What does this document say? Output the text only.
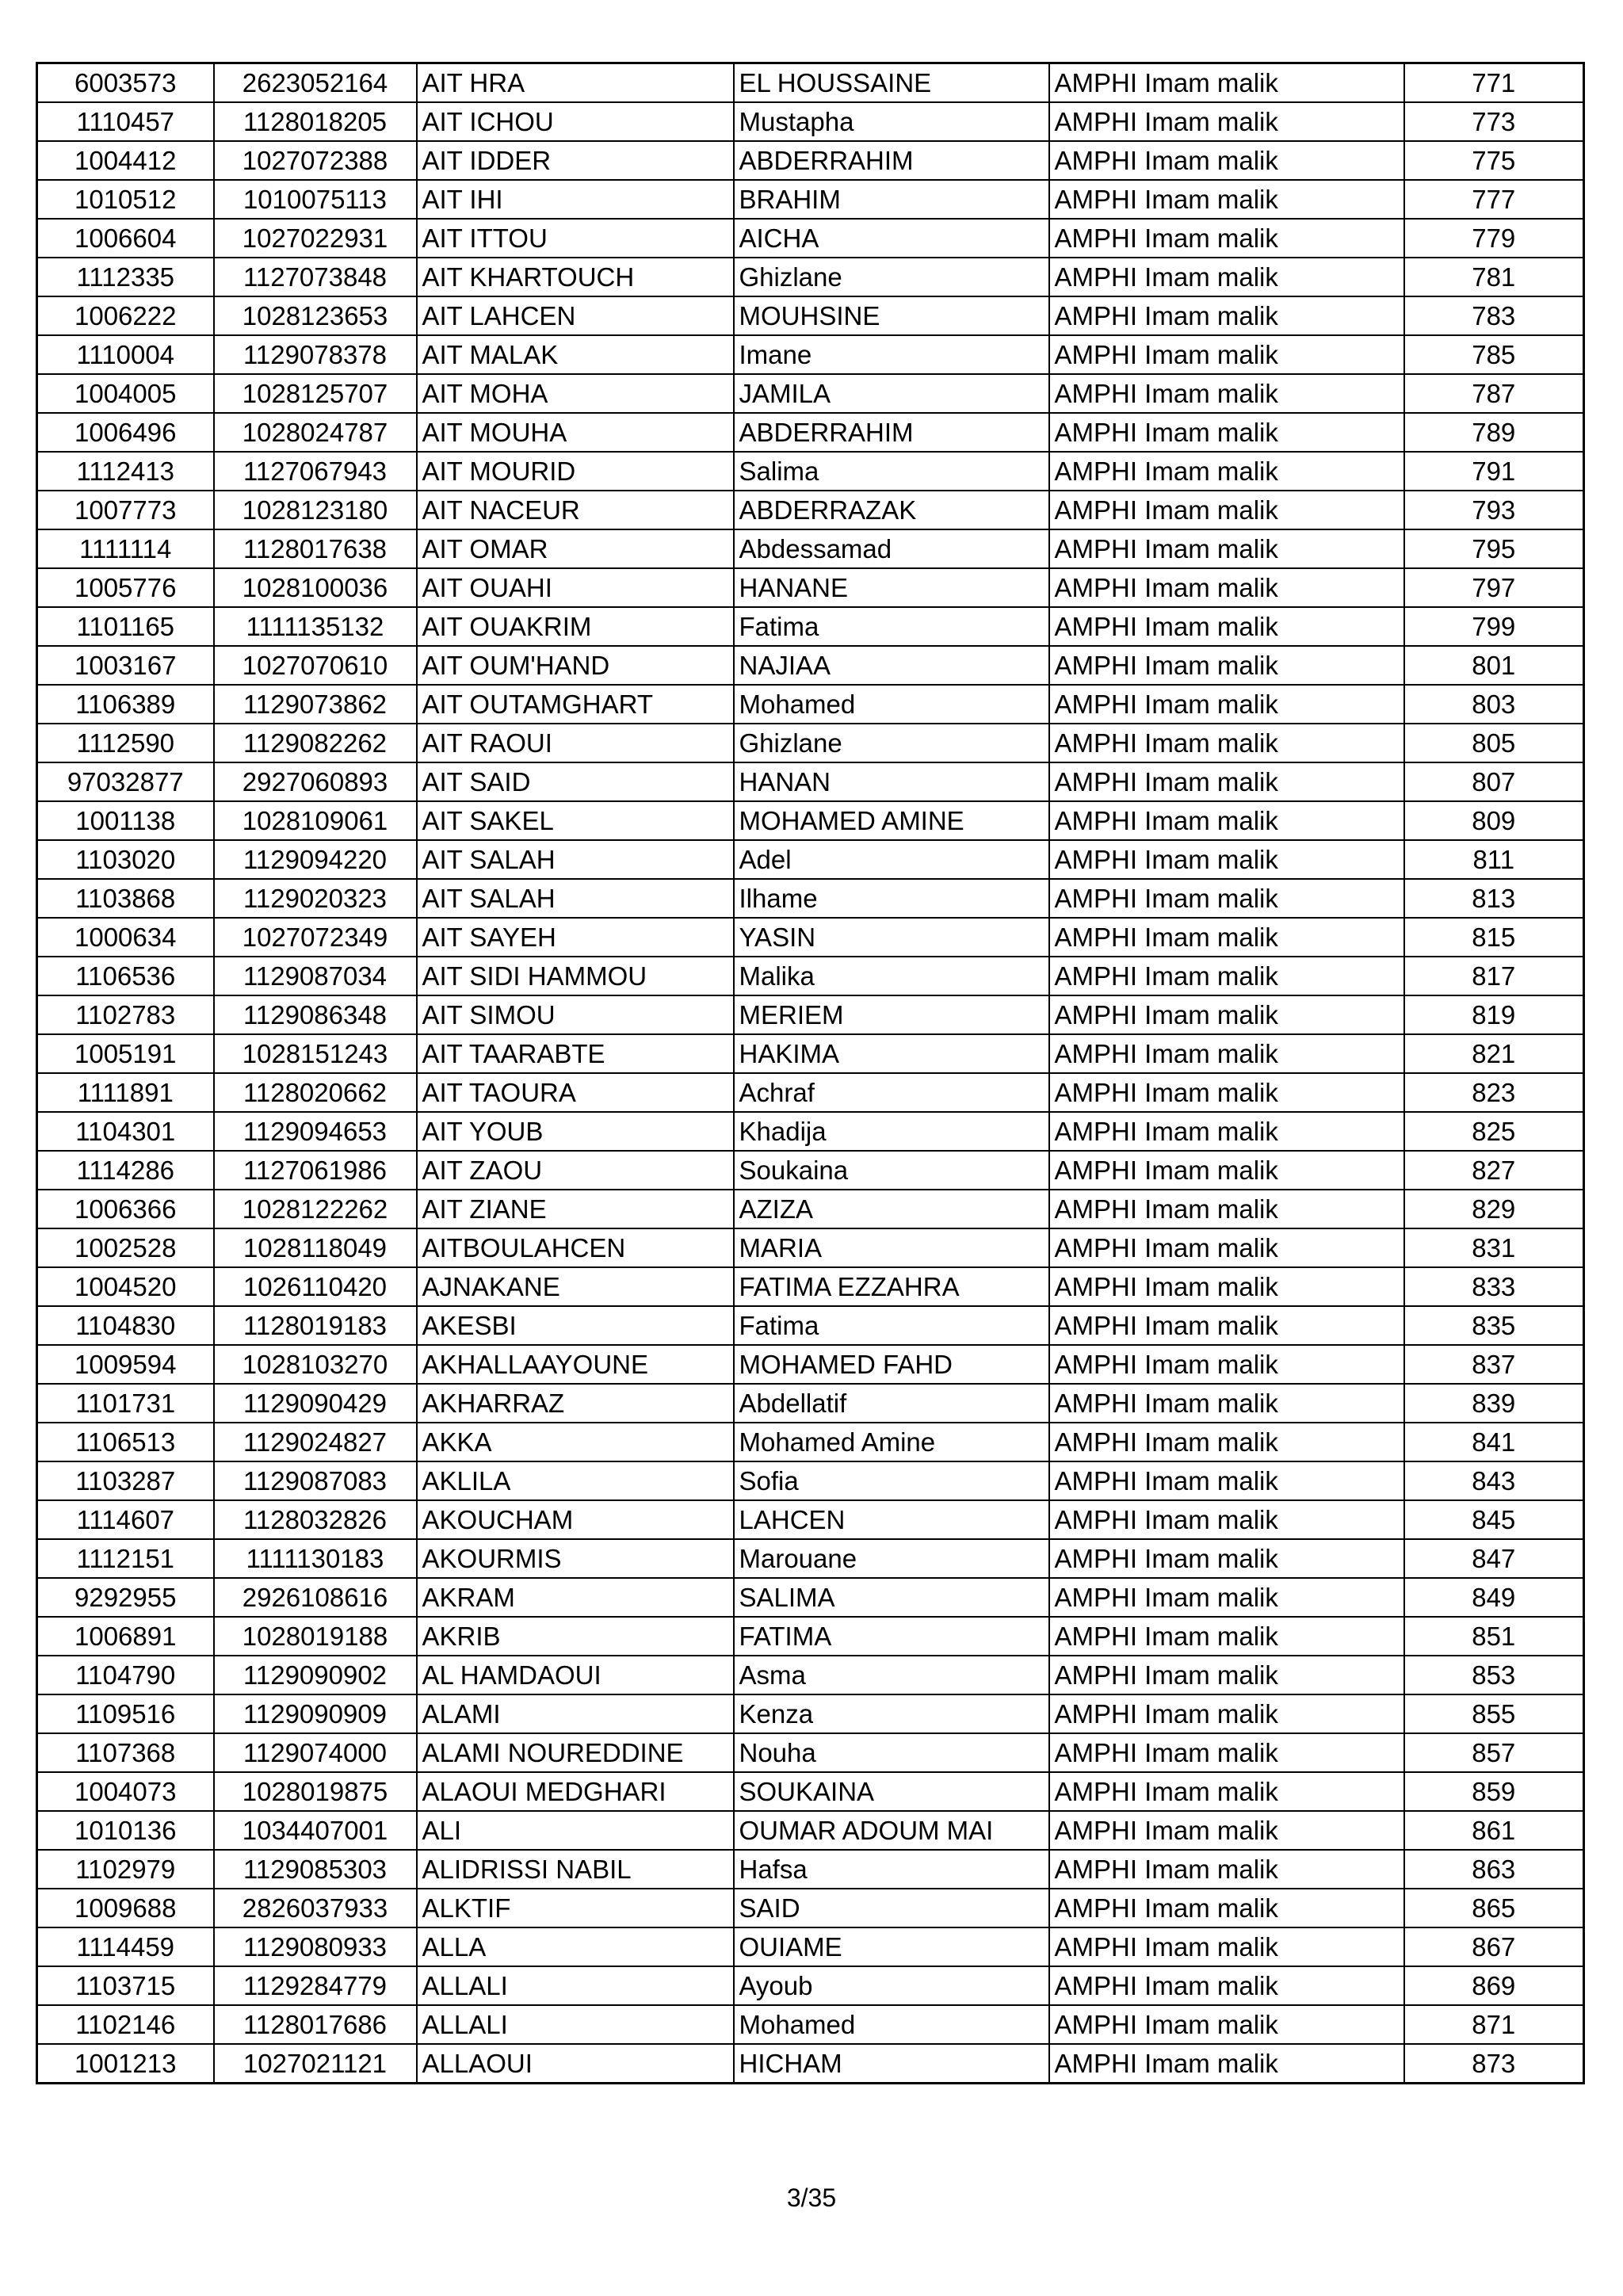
6003573	2623052164	AIT HRA	EL HOUSSAINE	AMPHI Imam malik	771
1110457	1128018205	AIT ICHOU	Mustapha	AMPHI Imam malik	773
1004412	1027072388	AIT IDDER	ABDERRAHIM	AMPHI Imam malik	775
1010512	1010075113	AIT IHI	BRAHIM	AMPHI Imam malik	777
1006604	1027022931	AIT ITTOU	AICHA	AMPHI Imam malik	779
1112335	1127073848	AIT KHARTOUCH	Ghizlane	AMPHI Imam malik	781
1006222	1028123653	AIT LAHCEN	MOUHSINE	AMPHI Imam malik	783
1110004	1129078378	AIT MALAK	Imane	AMPHI Imam malik	785
1004005	1028125707	AIT MOHA	JAMILA	AMPHI Imam malik	787
1006496	1028024787	AIT MOUHA	ABDERRAHIM	AMPHI Imam malik	789
1112413	1127067943	AIT MOURID	Salima	AMPHI Imam malik	791
1007773	1028123180	AIT NACEUR	ABDERRAZAK	AMPHI Imam malik	793
1111114	1128017638	AIT OMAR	Abdessamad	AMPHI Imam malik	795
1005776	1028100036	AIT OUAHI	HANANE	AMPHI Imam malik	797
1101165	1111135132	AIT OUAKRIM	Fatima	AMPHI Imam malik	799
1003167	1027070610	AIT OUM'HAND	NAJIAA	AMPHI Imam malik	801
1106389	1129073862	AIT OUTAMGHART	Mohamed	AMPHI Imam malik	803
1112590	1129082262	AIT RAOUI	Ghizlane	AMPHI Imam malik	805
97032877	2927060893	AIT SAID	HANAN	AMPHI Imam malik	807
1001138	1028109061	AIT SAKEL	MOHAMED AMINE	AMPHI Imam malik	809
1103020	1129094220	AIT SALAH	Adel	AMPHI Imam malik	811
1103868	1129020323	AIT SALAH	Ilhame	AMPHI Imam malik	813
1000634	1027072349	AIT SAYEH	YASIN	AMPHI Imam malik	815
1106536	1129087034	AIT SIDI HAMMOU	Malika	AMPHI Imam malik	817
1102783	1129086348	AIT SIMOU	MERIEM	AMPHI Imam malik	819
1005191	1028151243	AIT TAARABTE	HAKIMA	AMPHI Imam malik	821
1111891	1128020662	AIT TAOURA	Achraf	AMPHI Imam malik	823
1104301	1129094653	AIT YOUB	Khadija	AMPHI Imam malik	825
1114286	1127061986	AIT ZAOU	Soukaina	AMPHI Imam malik	827
1006366	1028122262	AIT ZIANE	AZIZA	AMPHI Imam malik	829
1002528	1028118049	AITBOULAHCEN	MARIA	AMPHI Imam malik	831
1004520	1026110420	AJNAKANE	FATIMA EZZAHRA	AMPHI Imam malik	833
1104830	1128019183	AKESBI	Fatima	AMPHI Imam malik	835
1009594	1028103270	AKHALLAAYOUNE	MOHAMED FAHD	AMPHI Imam malik	837
1101731	1129090429	AKHARRAZ	Abdellatif	AMPHI Imam malik	839
1106513	1129024827	AKKA	Mohamed Amine	AMPHI Imam malik	841
1103287	1129087083	AKLILA	Sofia	AMPHI Imam malik	843
1114607	1128032826	AKOUCHAM	LAHCEN	AMPHI Imam malik	845
1112151	1111130183	AKOURMIS	Marouane	AMPHI Imam malik	847
9292955	2926108616	AKRAM	SALIMA	AMPHI Imam malik	849
1006891	1028019188	AKRIB	FATIMA	AMPHI Imam malik	851
1104790	1129090902	AL HAMDAOUI	Asma	AMPHI Imam malik	853
1109516	1129090909	ALAMI	Kenza	AMPHI Imam malik	855
1107368	1129074000	ALAMI NOUREDDINE	Nouha	AMPHI Imam malik	857
1004073	1028019875	ALAOUI MEDGHARI	SOUKAINA	AMPHI Imam malik	859
1010136	1034407001	ALI	OUMAR ADOUM MAI	AMPHI Imam malik	861
1102979	1129085303	ALIDRISSI NABIL	Hafsa	AMPHI Imam malik	863
1009688	2826037933	ALKTIF	SAID	AMPHI Imam malik	865
1114459	1129080933	ALLA	OUIAME	AMPHI Imam malik	867
1103715	1129284779	ALLALI	Ayoub	AMPHI Imam malik	869
1102146	1128017686	ALLALI	Mohamed	AMPHI Imam malik	871
1001213	1027021121	ALLAOUI	HICHAM	AMPHI Imam malik	873
3/35
